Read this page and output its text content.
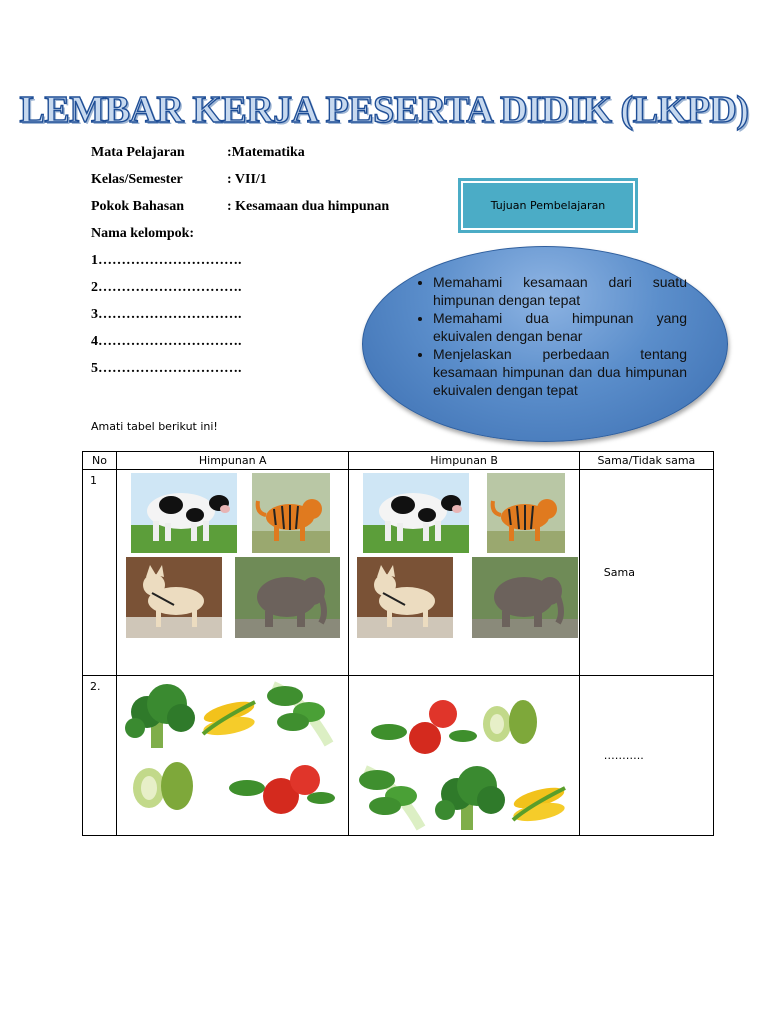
LEMBAR KERJA PESERTA DIDIK (LKPD)
Mata Pelajaran	:Matematika
Kelas/Semester	: VII/1
Pokok Bahasan	: Kesamaan dua himpunan
Nama kelompok:
1………………………….
2………………………….
3………………………….
4………………………….
5………………………….
Tujuan Pembelajaran
• Memahami kesamaan dari suatu himpunan dengan tepat
• Memahami dua himpunan yang ekuivalen dengan benar
• Menjelaskan perbedaan tentang kesamaan himpunan dan dua himpunan ekuivalen dengan tepat
Amati tabel berikut ini!
No	Himpunan A	Himpunan B	Sama/Tidak sama
1			Sama
2.			………..
